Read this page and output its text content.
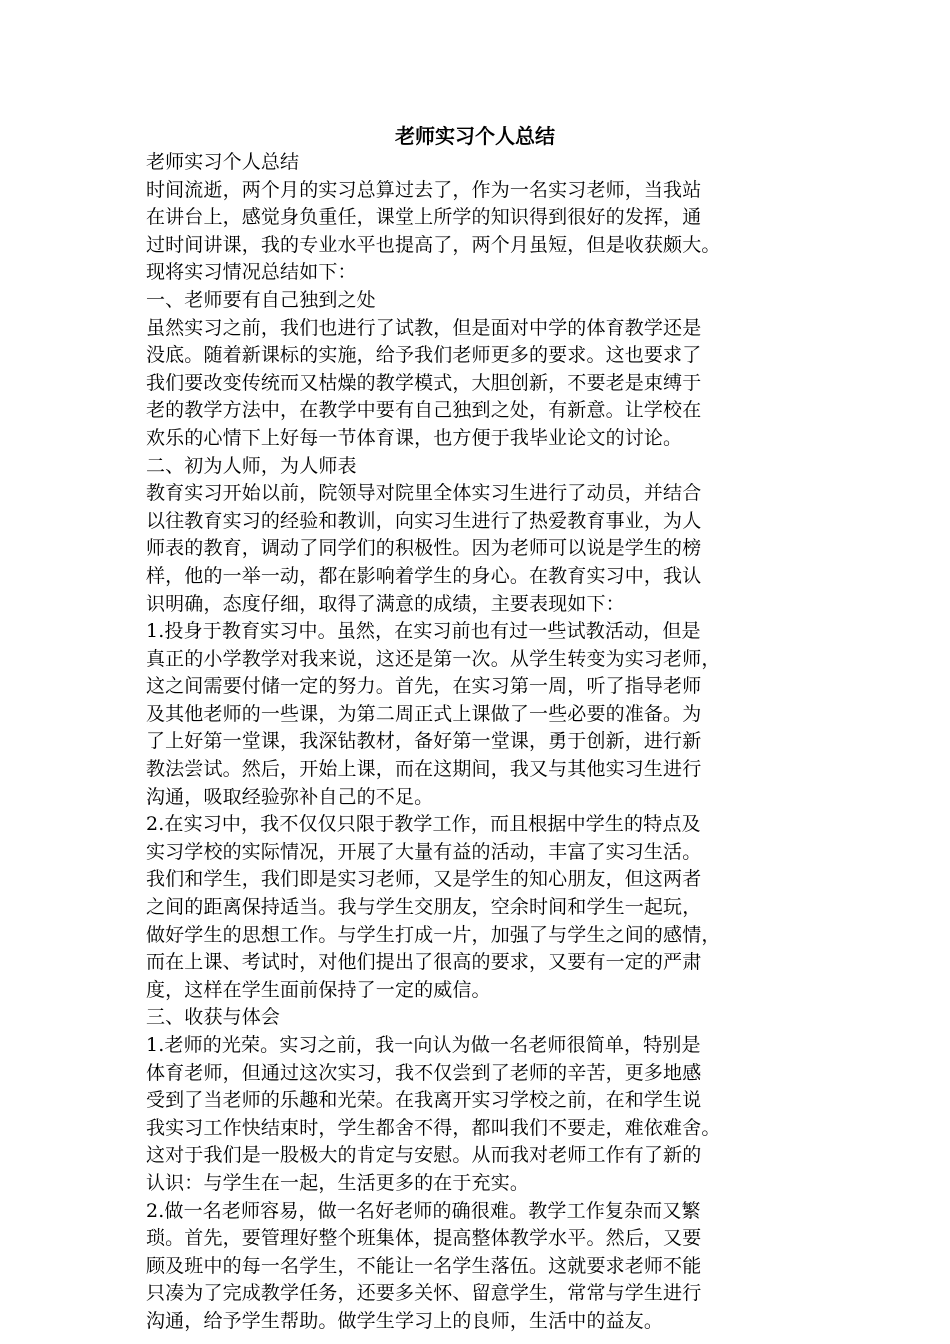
老师实习个人总结
老师实习个人总结
时间流逝，两个月的实习总算过去了，作为一名实习老师，当我站
在讲台上，感觉身负重任，课堂上所学的知识得到很好的发挥，通
过时间讲课，我的专业水平也提高了，两个月虽短，但是收获颇大。
现将实习情况总结如下：
一、老师要有自己独到之处
虽然实习之前，我们也进行了试教，但是面对中学的体育教学还是
没底。随着新课标的实施，给予我们老师更多的要求。这也要求了
我们要改变传统而又枯燥的教学模式，大胆创新，不要老是束缚于
老的教学方法中，在教学中要有自己独到之处，有新意。让学校在
欢乐的心情下上好每一节体育课，也方便于我毕业论文的讨论。
二、初为人师，为人师表
教育实习开始以前，院领导对院里全体实习生进行了动员，并结合
以往教育实习的经验和教训，向实习生进行了热爱教育事业，为人
师表的教育，调动了同学们的积极性。因为老师可以说是学生的榜
样，他的一举一动，都在影响着学生的身心。在教育实习中，我认
识明确，态度仔细，取得了满意的成绩，主要表现如下：
1.投身于教育实习中。虽然，在实习前也有过一些试教活动，但是
真正的小学教学对我来说，这还是第一次。从学生转变为实习老师，
这之间需要付储一定的努力。首先，在实习第一周，听了指导老师
及其他老师的一些课，为第二周正式上课做了一些必要的准备。为
了上好第一堂课，我深钻教材，备好第一堂课，勇于创新，进行新
教法尝试。然后，开始上课，而在这期间，我又与其他实习生进行
沟通，吸取经验弥补自己的不足。
2.在实习中，我不仅仅只限于教学工作，而且根据中学生的特点及
实习学校的实际情况，开展了大量有益的活动，丰富了实习生活。
我们和学生，我们即是实习老师，又是学生的知心朋友，但这两者
之间的距离保持适当。我与学生交朋友，空余时间和学生一起玩，
做好学生的思想工作。与学生打成一片，加强了与学生之间的感情，
而在上课、考试时，对他们提出了很高的要求，又要有一定的严肃
度，这样在学生面前保持了一定的威信。
三、收获与体会
1.老师的光荣。实习之前，我一向认为做一名老师很简单，特别是
体育老师，但通过这次实习，我不仅尝到了老师的辛苦，更多地感
受到了当老师的乐趣和光荣。在我离开实习学校之前，在和学生说
我实习工作快结束时，学生都舍不得，都叫我们不要走，难依难舍。
这对于我们是一股极大的肯定与安慰。从而我对老师工作有了新的
认识：与学生在一起，生活更多的在于充实。
2.做一名老师容易，做一名好老师的确很难。教学工作复杂而又繁
琐。首先，要管理好整个班集体，提高整体教学水平。然后，又要
顾及班中的每一名学生，不能让一名学生落伍。这就要求老师不能
只凑为了完成教学任务，还要多关怀、留意学生，常常与学生进行
沟通，给予学生帮助。做学生学习上的良师，生活中的益友。
